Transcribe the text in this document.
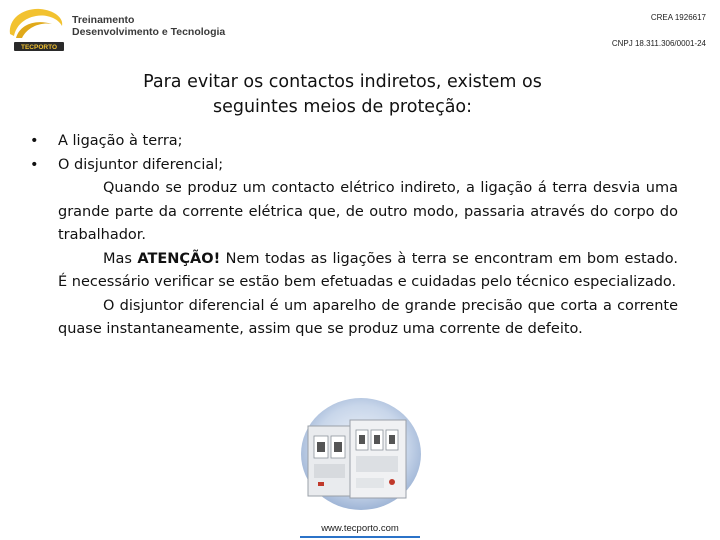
TECPORTO
Treinamento
Desenvolvimento e Tecnologia
CREA 1926617
CNPJ 18.311.306/0001-24
Para evitar os contactos indiretos, existem os
seguintes meios de proteção:
• A ligação à terra;
• O disjuntor diferencial;

Quando se produz um contacto elétrico indireto, a ligação á terra desvia uma grande parte da corrente elétrica que, de outro modo, passaria através do corpo do trabalhador.

Mas ATENÇÃO! Nem todas as ligações à terra se encontram em bom estado. É necessário verificar se estão bem efetuadas e cuidadas pelo técnico especializado.

O disjuntor diferencial é um aparelho de grande precisão que corta a corrente quase instantaneamente, assim que se produz uma corrente de defeito.

www.tecporto.com
